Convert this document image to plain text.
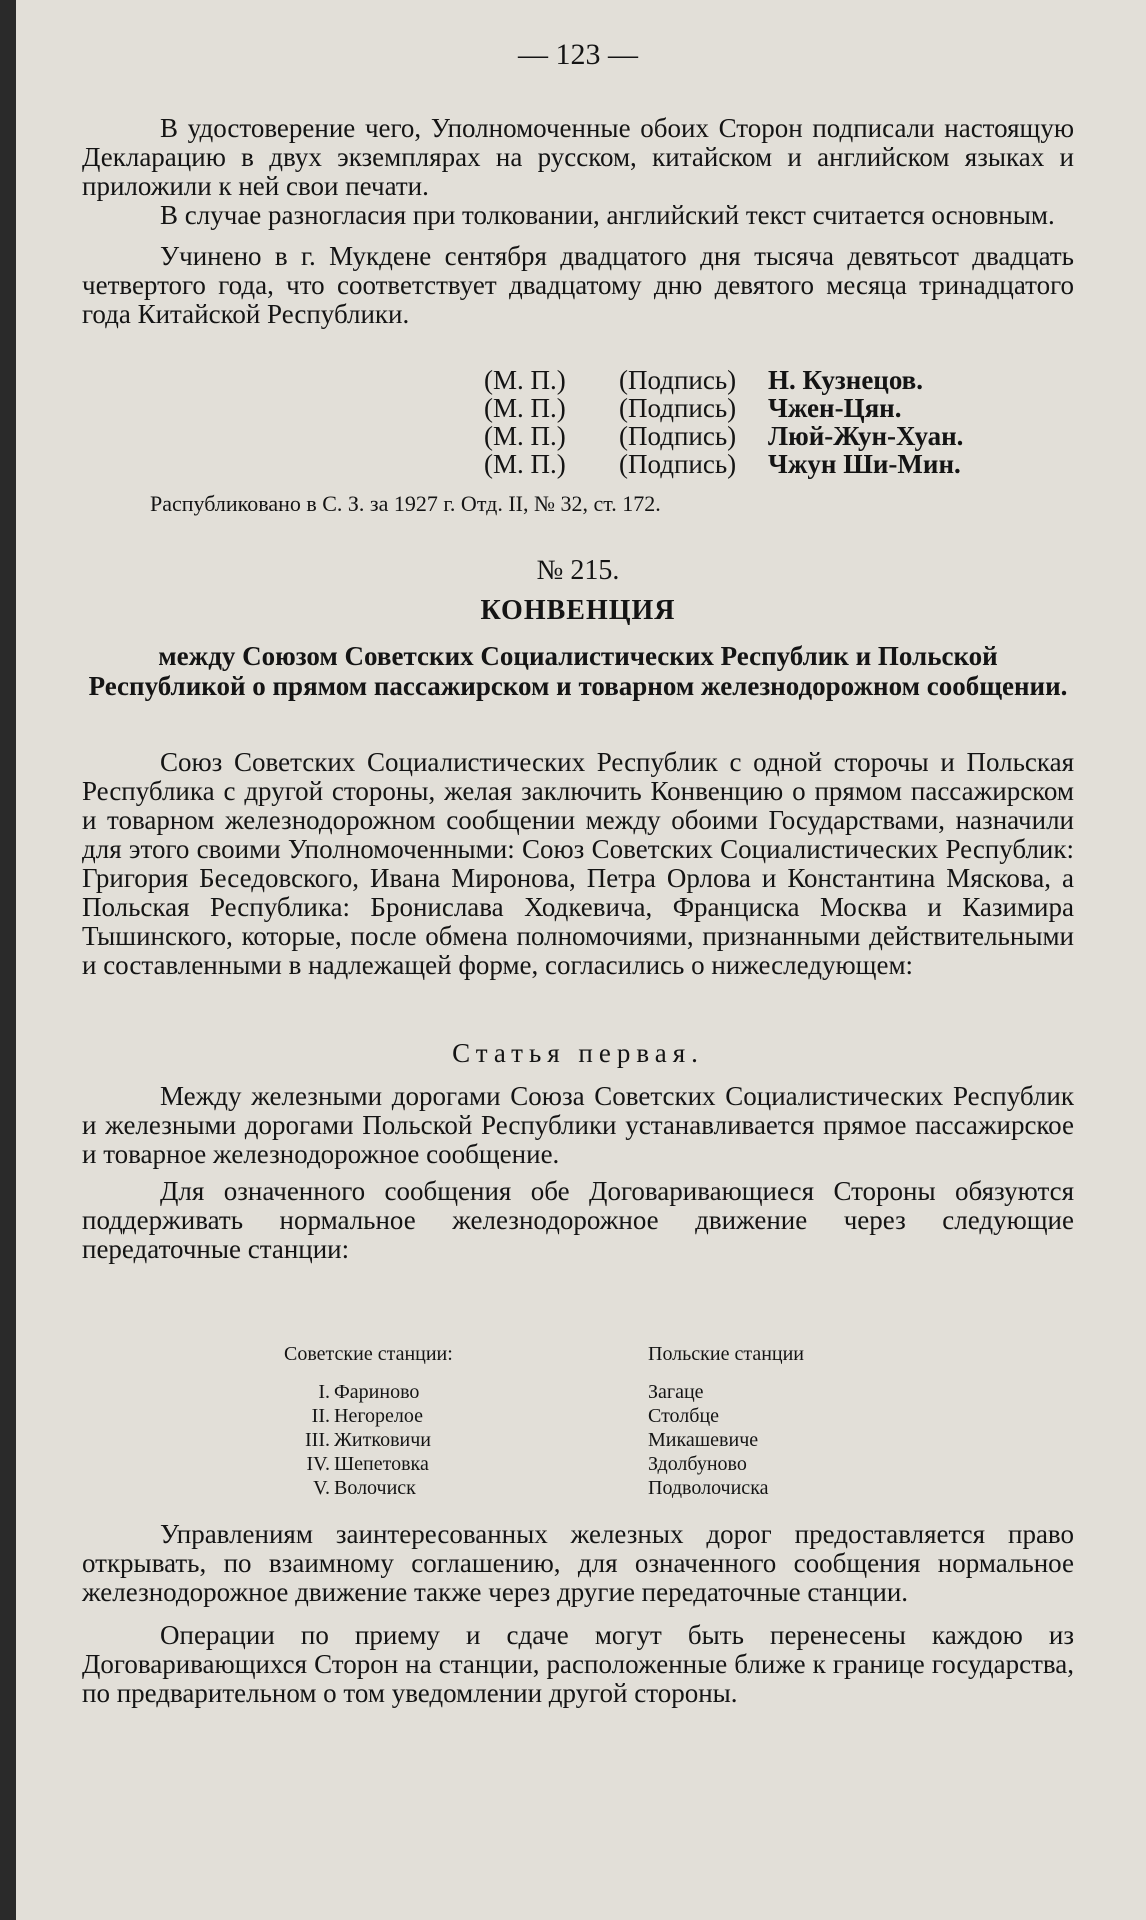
— 123 —

В удостоверение чего, Уполномоченные обоих Сторон подписали настоящую Декларацию в двух экземплярах на русском, китайском и английском языках и приложили к ней свои печати.

В случае разногласия при толковании, английский текст считается основным.

Учинено в г. Мукдене сентября двадцатого дня тысяча девятьсот двадцать четвертого года, что соответствует двадцатому дню девятого месяца тринадцатого года Китайской Республики.

(М. П.) (Подпись) Н. Кузнецов.
(М. П.) (Подпись) Чжен-Цян.
(М. П.) (Подпись) Люй-Жун-Хуан.
(М. П.) (Подпись) Чжун Ши-Мин.
Распубликовано в С. З. за 1927 г. Отд. II, № 32, ст. 172.
№ 215.
КОНВЕНЦИЯ
между Союзом Советских Социалистических Республик и Польской Республикой о прямом пассажирском и товарном железнодорожном сообщении.

Союз Советских Социалистических Республик с одной сторочы и Польская Республика с другой стороны, желая заключить Конвенцию о прямом пассажирском и товарном железнодорожном сообщении между обоими Государствами, назначили для этого своими Уполномоченными: Союз Советских Социалистических Республик: Григория Беседовского, Ивана Миронова, Петра Орлова и Константина Мяскова, а Польская Республика: Бронислава Ходкевича, Франциска Москва и Казимира Тышинского, которые, после обмена полномочиями, признанными действительными и составленными в надлежащей форме, согласились о нижеследующем:

Статья первая.

Между железными дорогами Союза Советских Социалистических Республик и железными дорогами Польской Республики устанавливается прямое пассажирское и товарное железнодорожное сообщение.

Для означенного сообщения обе Договаривающиеся Стороны обязуются поддерживать нормальное железнодорожное движение через следующие передаточные станции:

Советские станции:	Польские станции

I. Фариново	Загаце
II. Негорелое	Столбце
III. Житковичи	Микашевиче
IV. Шепетовка	Здолбуново
V. Волочиск	Подволочиска

Управлениям заинтересованных железных дорог предоставляется право открывать, по взаимному соглашению, для означенного сообщения нормальное железнодорожное движение также через другие передаточные станции.

Операции по приему и сдаче могут быть перенесены каждою из Договаривающихся Сторон на станции, расположенные ближе к границе государства, по предварительном о том уведомлении другой стороны.
